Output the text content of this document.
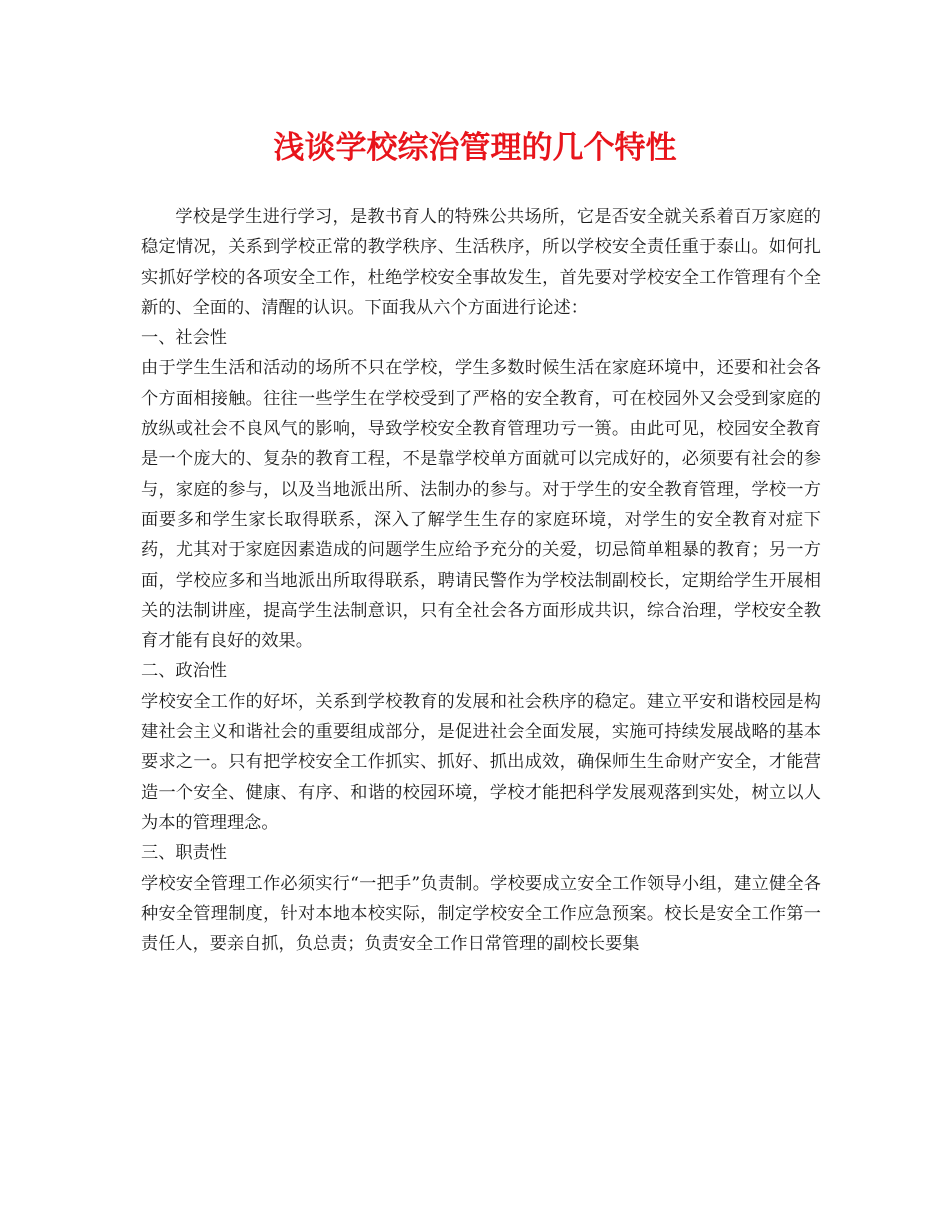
浅谈学校综治管理的几个特性

学校是学生进行学习，是教书育人的特殊公共场所，它是否安全就关系着百万家庭的稳定情况，关系到学校正常的教学秩序、生活秩序，所以学校安全责任重于泰山。如何扎实抓好学校的各项安全工作，杜绝学校安全事故发生，首先要对学校安全工作管理有个全新的、全面的、清醒的认识。下面我从六个方面进行论述：

一、社会性

由于学生生活和活动的场所不只在学校，学生多数时候生活在家庭环境中，还要和社会各个方面相接触。往往一些学生在学校受到了严格的安全教育，可在校园外又会受到家庭的放纵或社会不良风气的影响，导致学校安全教育管理功亏一篑。由此可见，校园安全教育是一个庞大的、复杂的教育工程，不是靠学校单方面就可以完成好的，必须要有社会的参与，家庭的参与，以及当地派出所、法制办的参与。对于学生的安全教育管理，学校一方面要多和学生家长取得联系，深入了解学生生存的家庭环境，对学生的安全教育对症下药，尤其对于家庭因素造成的问题学生应给予充分的关爱，切忌简单粗暴的教育；另一方面，学校应多和当地派出所取得联系，聘请民警作为学校法制副校长，定期给学生开展相关的法制讲座，提高学生法制意识，只有全社会各方面形成共识，综合治理，学校安全教育才能有良好的效果。

二、政治性

学校安全工作的好坏，关系到学校教育的发展和社会秩序的稳定。建立平安和谐校园是构建社会主义和谐社会的重要组成部分，是促进社会全面发展，实施可持续发展战略的基本要求之一。只有把学校安全工作抓实、抓好、抓出成效，确保师生生命财产安全，才能营造一个安全、健康、有序、和谐的校园环境，学校才能把科学发展观落到实处，树立以人为本的管理理念。

三、职责性

学校安全管理工作必须实行“一把手”负责制。学校要成立安全工作领导小组，建立健全各种安全管理制度，针对本地本校实际，制定学校安全工作应急预案。校长是安全工作第一责任人，要亲自抓，负总责；负责安全工作日常管理的副校长要集
